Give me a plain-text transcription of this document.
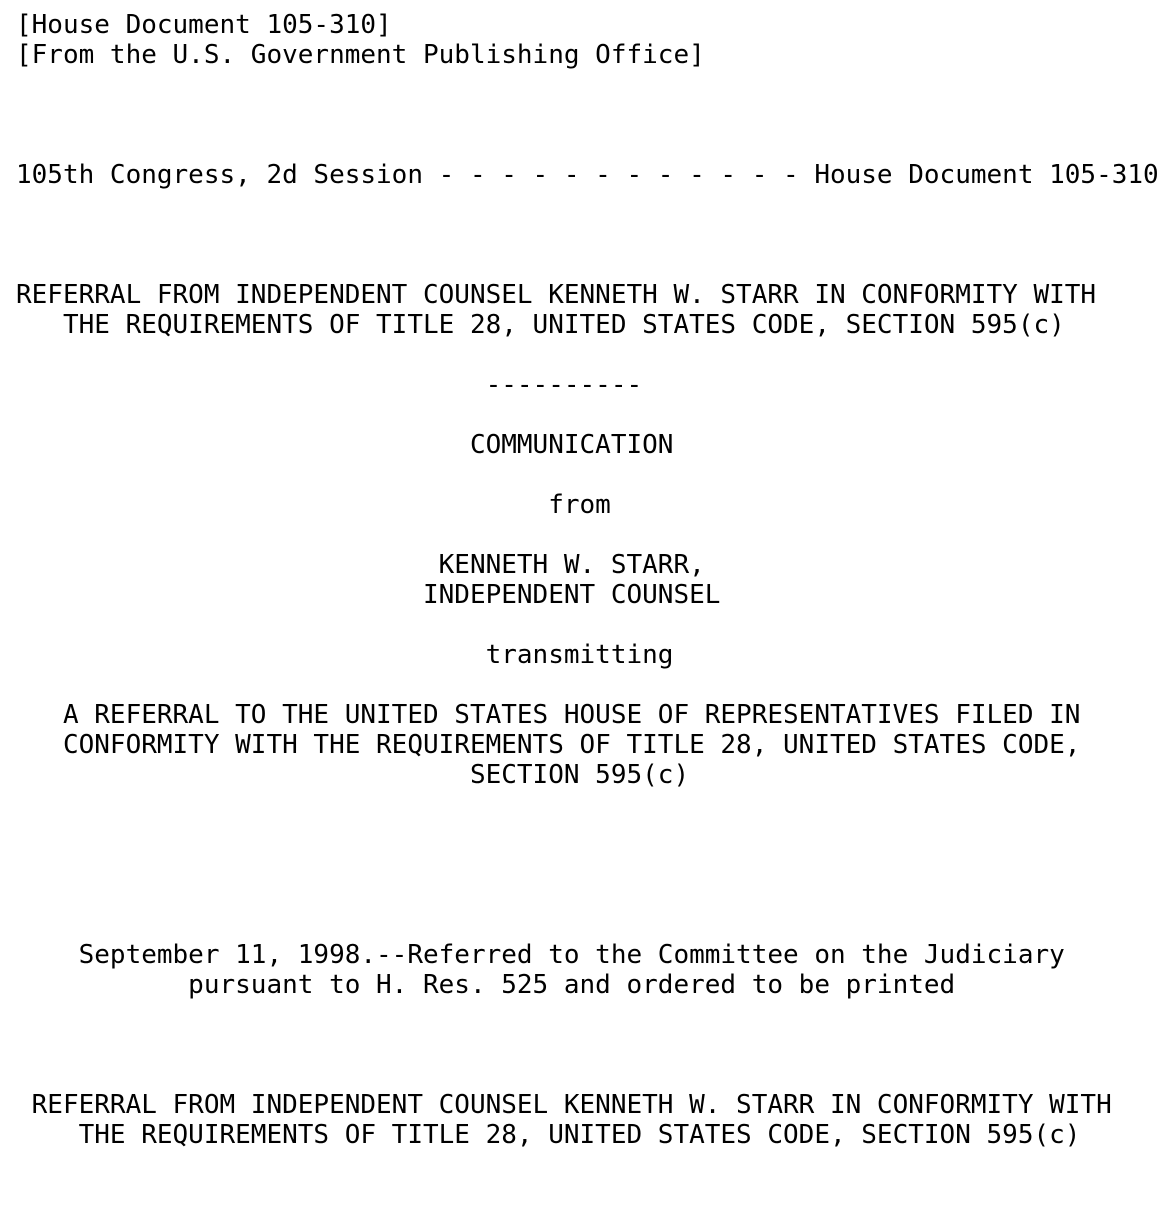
[House Document 105-310]
[From the U.S. Government Publishing Office]
105th Congress, 2d Session - - - - - - - - - - - - House Document 105-310
REFERRAL FROM INDEPENDENT COUNSEL KENNETH W. STARR IN CONFORMITY WITH
THE REQUIREMENTS OF TITLE 28, UNITED STATES CODE, SECTION 595(c)
----------
COMMUNICATION
from
KENNETH W. STARR,
INDEPENDENT COUNSEL
transmitting
A REFERRAL TO THE UNITED STATES HOUSE OF REPRESENTATIVES FILED IN
CONFORMITY WITH THE REQUIREMENTS OF TITLE 28, UNITED STATES CODE,
SECTION 595(c)
September 11, 1998.--Referred to the Committee on the Judiciary
pursuant to H. Res. 525 and ordered to be printed
REFERRAL FROM INDEPENDENT COUNSEL KENNETH W. STARR IN CONFORMITY WITH
THE REQUIREMENTS OF TITLE 28, UNITED STATES CODE, SECTION 595(c)
